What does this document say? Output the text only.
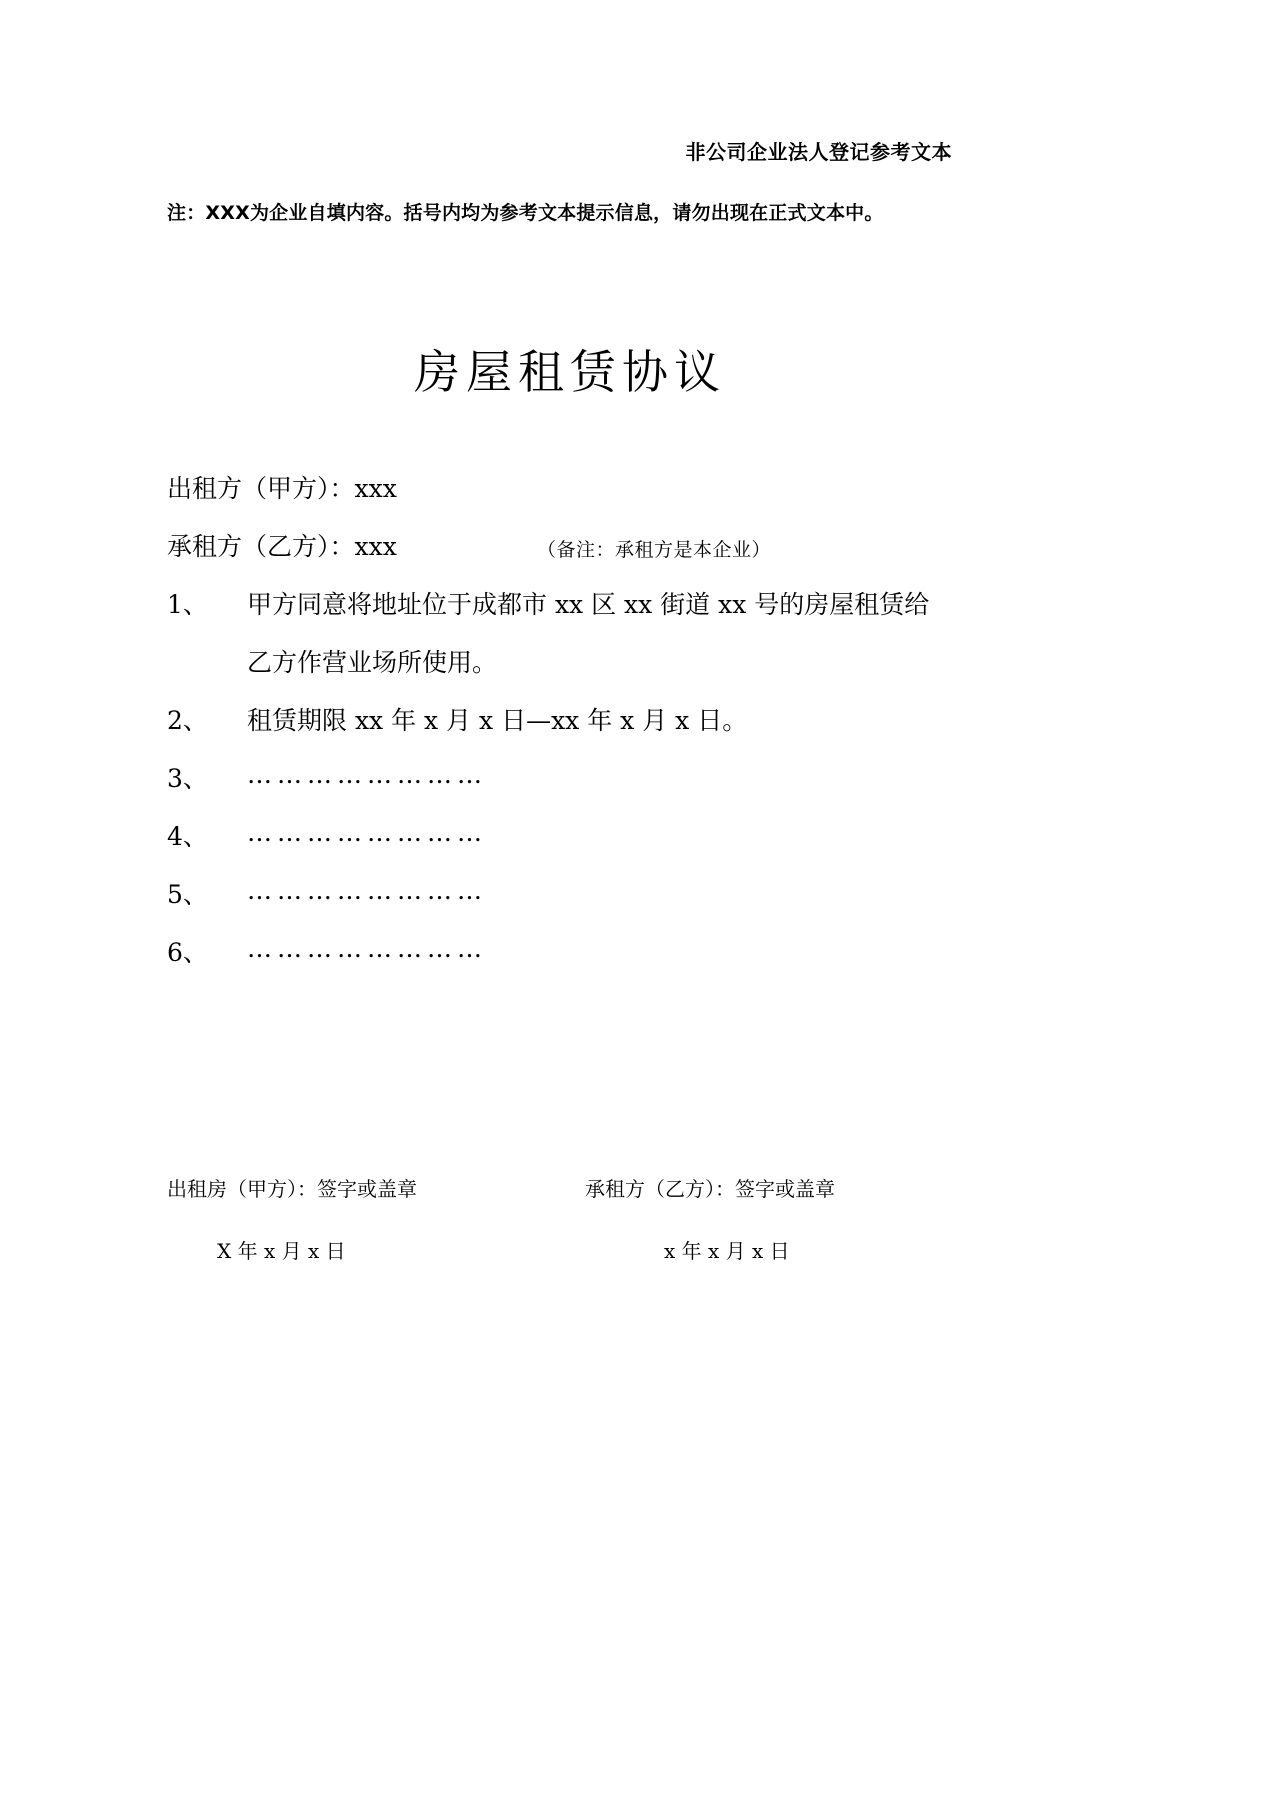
非公司企业法人登记参考文本
注：XXX为企业自填内容。括号内均为参考文本提示信息，请勿出现在正式文本中。
房屋租赁协议
出租方（甲方）：xxx
承租方（乙方）：xxx	（备注：承租方是本企业）
1、 甲方同意将地址位于成都市 xx 区 xx 街道 xx 号的房屋租赁给
乙方作营业场所使用。
2、 租赁期限 xx 年 x 月 x 日—xx 年 x 月 x 日。
3、 ……………………
4、 ……………………
5、 ……………………
6、 ……………………
出租房（甲方）：签字或盖章	承租方（乙方）：签字或盖章
X 年 x 月 x 日	x 年 x 月 x 日
